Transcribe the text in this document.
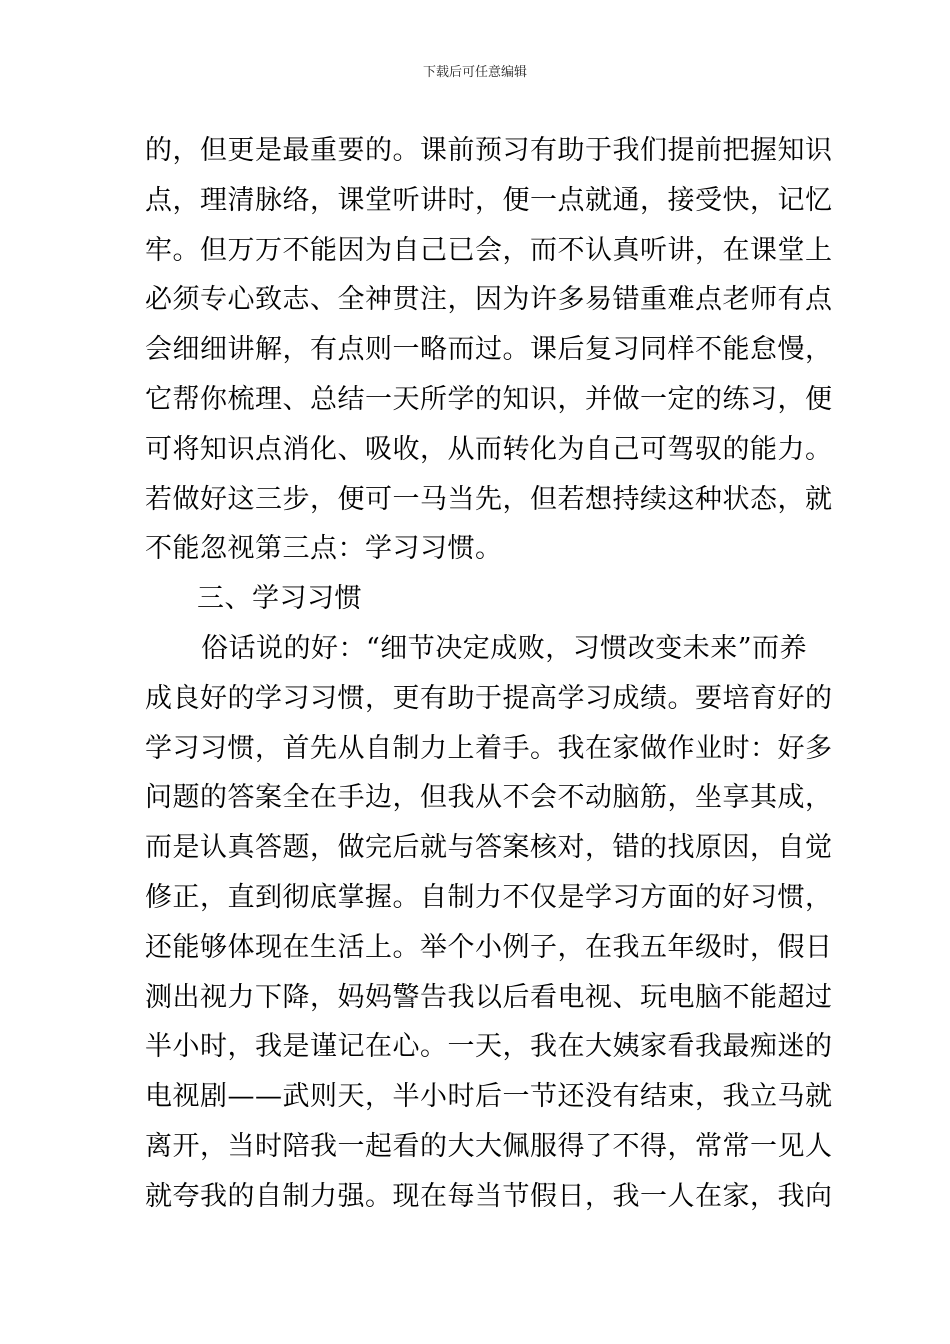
下载后可任意编辑
的，但更是最重要的。课前预习有助于我们提前把握知识
点，理清脉络，课堂听讲时，便一点就通，接受快，记忆
牢。但万万不能因为自己已会，而不认真听讲，在课堂上
必须专心致志、全神贯注，因为许多易错重难点老师有点
会细细讲解，有点则一略而过。课后复习同样不能怠慢，
它帮你梳理、总结一天所学的知识，并做一定的练习，便
可将知识点消化、吸收，从而转化为自己可驾驭的能力。
若做好这三步，便可一马当先，但若想持续这种状态，就
不能忽视第三点：学习习惯。
三、学习习惯
俗话说的好：“细节决定成败，习惯改变未来”而养
成良好的学习习惯，更有助于提高学习成绩。要培育好的
学习习惯，首先从自制力上着手。我在家做作业时：好多
问题的答案全在手边，但我从不会不动脑筋，坐享其成，
而是认真答题，做完后就与答案核对，错的找原因，自觉
修正，直到彻底掌握。自制力不仅是学习方面的好习惯，
还能够体现在生活上。举个小例子，在我五年级时，假日
测出视力下降，妈妈警告我以后看电视、玩电脑不能超过
半小时，我是谨记在心。一天，我在大姨家看我最痴迷的
电视剧——武则天，半小时后一节还没有结束，我立马就
离开，当时陪我一起看的大大佩服得了不得，常常一见人
就夸我的自制力强。现在每当节假日，我一人在家，我向
